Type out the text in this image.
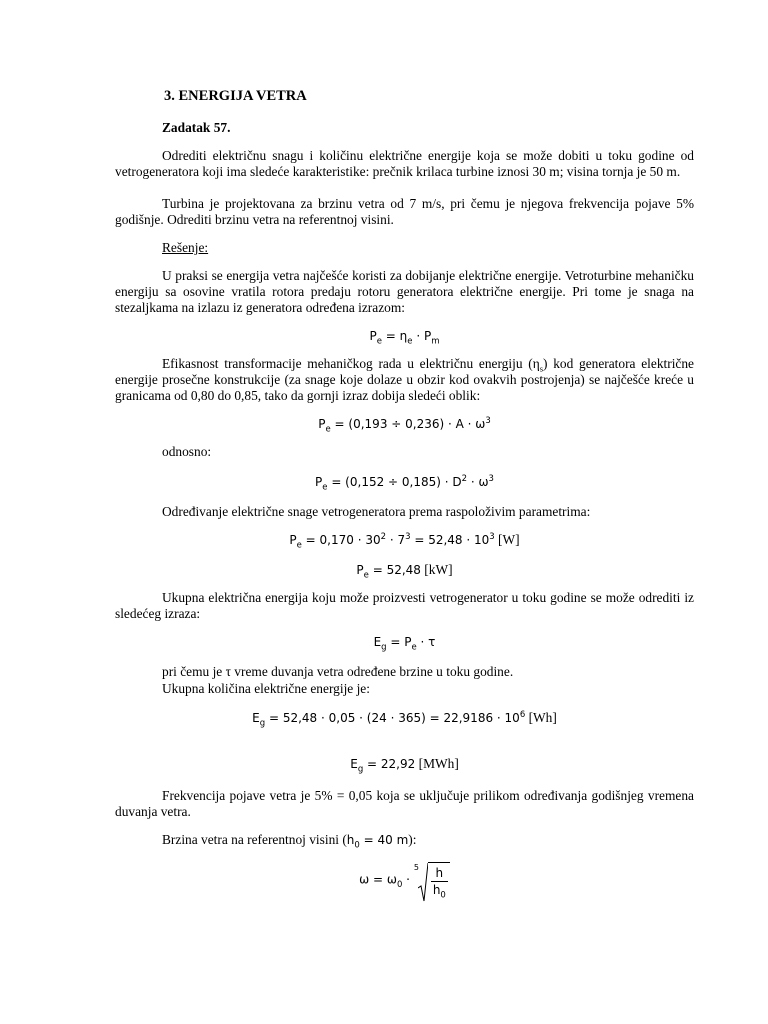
3. ENERGIJA VETRA

Zadatak 57.

Odrediti električnu snagu i količinu električne energije koja se može dobiti u toku godine od vetrogeneratora koji ima sledeće karakteristike: prečnik krilaca turbine iznosi 30 m; visina tornja je 50 m.

Turbina je projektovana za brzinu vetra od 7 m/s, pri čemu je njegova frekvencija pojave 5% godišnje. Odrediti brzinu vetra na referentnoj visini.

Rešenje:

U praksi se energija vetra najčešće koristi za dobijanje električne energije. Vetroturbine mehaničku energiju sa osovine vratila rotora predaju rotoru generatora električne energije. Pri tome je snaga na stezaljkama na izlazu iz generatora određena izrazom:

$P_e = \eta_e \cdot P_m$

Efikasnost transformacije mehaničkog rada u električnu energiju $(\eta_s)$ kod generatora električne energije prosečne konstrukcije (za snage koje dolaze u obzir kod ovakvih postrojenja) se najčešće kreće u granicama od 0,80 do 0,85, tako da gornji izraz dobija sledeći oblik:

$P_e = (0,193 \div 0,236) \cdot A \cdot \omega^3$

odnosno:

$P_e = (0,152 \div 0,185) \cdot D^2 \cdot \omega^3$

Određivanje električne snage vetrogeneratora prema raspoloživim parametrima:

$P_e = 0,170 \cdot 30^2 \cdot 7^3 = 52,48 \cdot 10^3$ [W]

$P_e = 52,48$ [kW]

Ukupna električna energija koju može proizvesti vetrogenerator u toku godine se može odrediti iz sledećeg izraza:

$E_g = P_e \cdot \tau$

pri čemu je τ vreme duvanja vetra određene brzine u toku godine.

Ukupna količina električne energije je:

$E_g = 52,48 \cdot 0,05 \cdot (24 \cdot 365) = 22,9186 \cdot 10^6$ [Wh]

$E_g = 22,92$ [MWh]

Frekvencija pojave vetra je 5% = 0,05 koja se uključuje prilikom određivanja godišnjeg vremena duvanja vetra.

Brzina vetra na referentnoj visini ($h_0 = 40$ m):

$\omega = \omega_0$ ·
$5 \frac{h}{h_0}$
